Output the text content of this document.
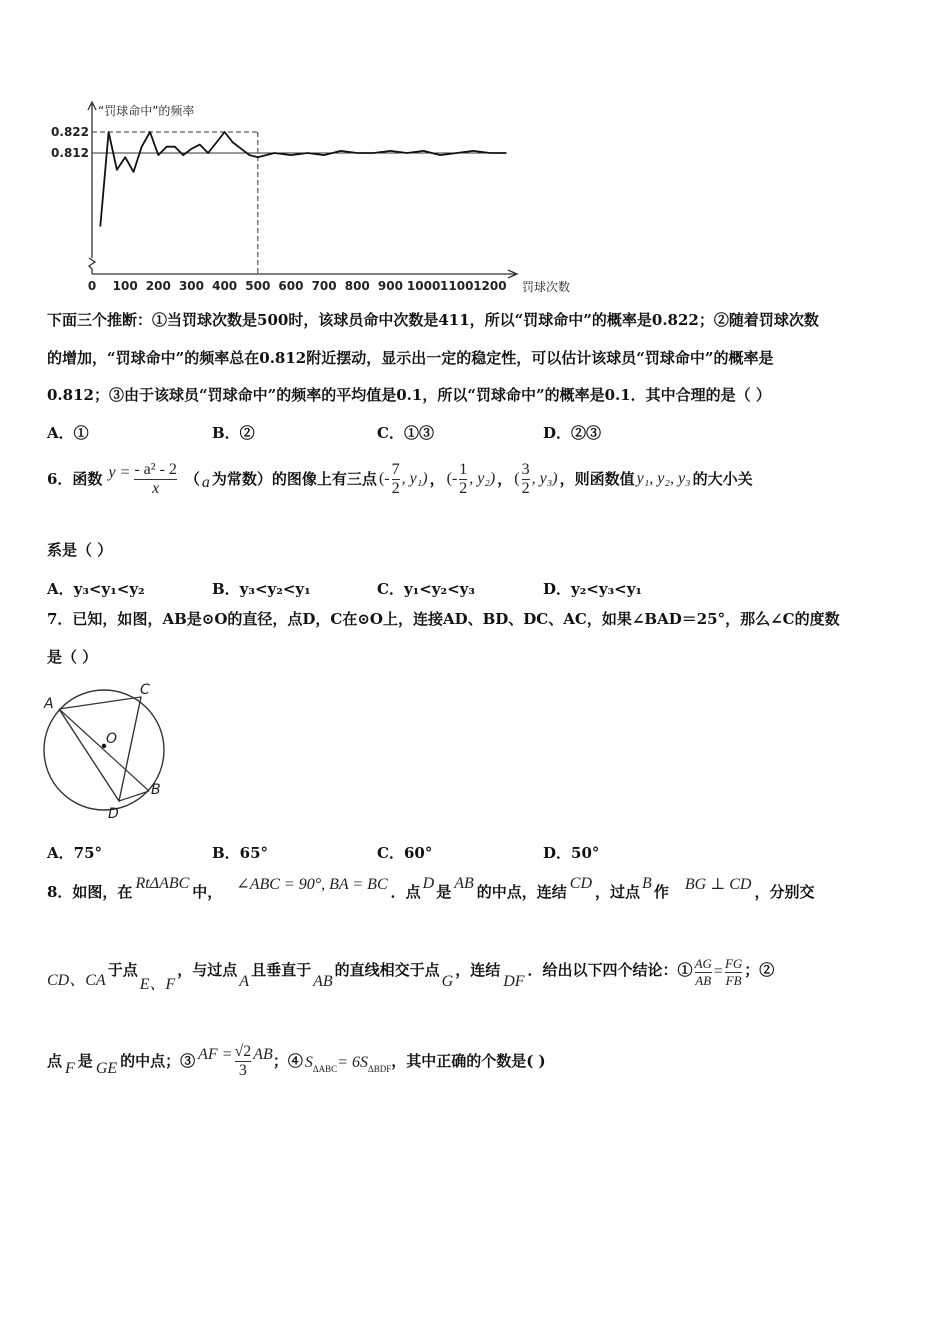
0.822
0.812
0 100 200 300 400 500 600 700 800 900 1000 1100 1200
“罚球命中”的频率
罚球次数
下面三个推断：①当罚球次数是500时，该球员命中次数是411，所以“罚球命中”的概率是0.822；②随着罚球次数
的增加，“罚球命中”的频率总在0.812附近摆动，显示出一定的稳定性，可以估计该球员“罚球命中”的概率是
0.812；③由于该球员“罚球命中”的频率的平均值是0.1，所以“罚球命中”的概率是0.1．其中合理的是（ ）
A．①	B．②	C．①③	D．②③
6．函数 $y = \frac{\text{- a² - 2}}{x}$ （ a 为常数）的图像上有三点 (- $\frac{7}{2}$ , y₁) ， (- $\frac{1}{2}$ , y₂) ， ( $\frac{3}{2}$ , y₃) ，则函数值 y₁, y₂, y₃ 的大小关
系是（ ）
A．y₃<y₁<y₂	B．y₃<y₂<y₁	C．y₁<y₂<y₃	D．y₂<y₃<y₁
7．已知，如图，AB是⊙O的直径，点D，C在⊙O上，连接AD、BD、DC、AC，如果∠BAD＝25°，那么∠C的度数
是（ ）
A
C
O
B
D
A．75°	B．65°	C．60°	D．50°
8．如图，在 RtΔABC 中， ∠ABC = 90°, BA = BC ．点 D 是 AB 的中点，连结 CD ，过点 B 作 BG ⊥ CD ，分别交
CD、CA
于点
E、F
，与过点
A
且垂直于
AB
的直线相交于点
G
，连结
DF
．给出以下四个结论：① $\frac{AG}{AB} = \frac{FG}{FB}$ ；②
点 F 是 GE 的中点；③ AF = $\frac{√2}{3}$ AB ；④ S ΔABC = 6S ΔBDF ，其中正确的个数是( )
